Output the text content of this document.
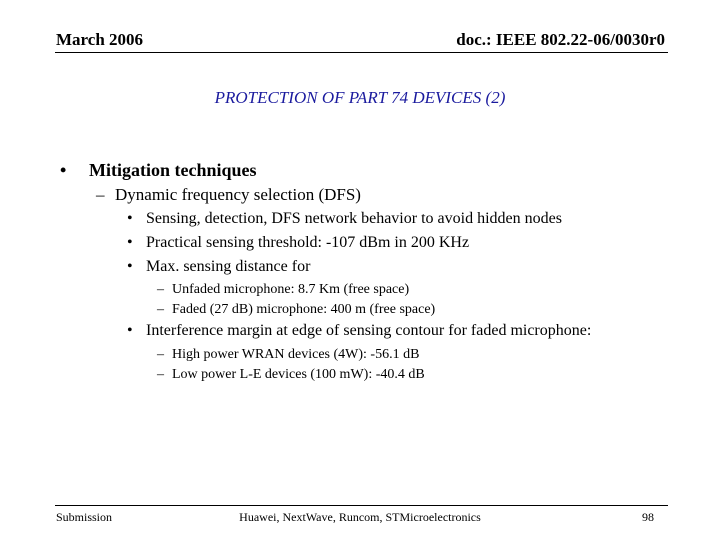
March 2006	doc.: IEEE 802.22-06/0030r0
PROTECTION OF PART 74 DEVICES (2)
• Mitigation techniques
– Dynamic frequency selection (DFS)
• Sensing, detection, DFS network behavior to avoid hidden nodes
• Practical sensing threshold: -107 dBm in 200 KHz
• Max. sensing distance for
– Unfaded microphone: 8.7 Km (free space)
– Faded (27 dB) microphone: 400 m (free space)
• Interference margin at edge of sensing contour for faded microphone:
– High power WRAN devices (4W): -56.1 dB
– Low power L-E devices (100 mW): -40.4 dB
Submission	Huawei, NextWave, Runcom, STMicroelectronics	98
